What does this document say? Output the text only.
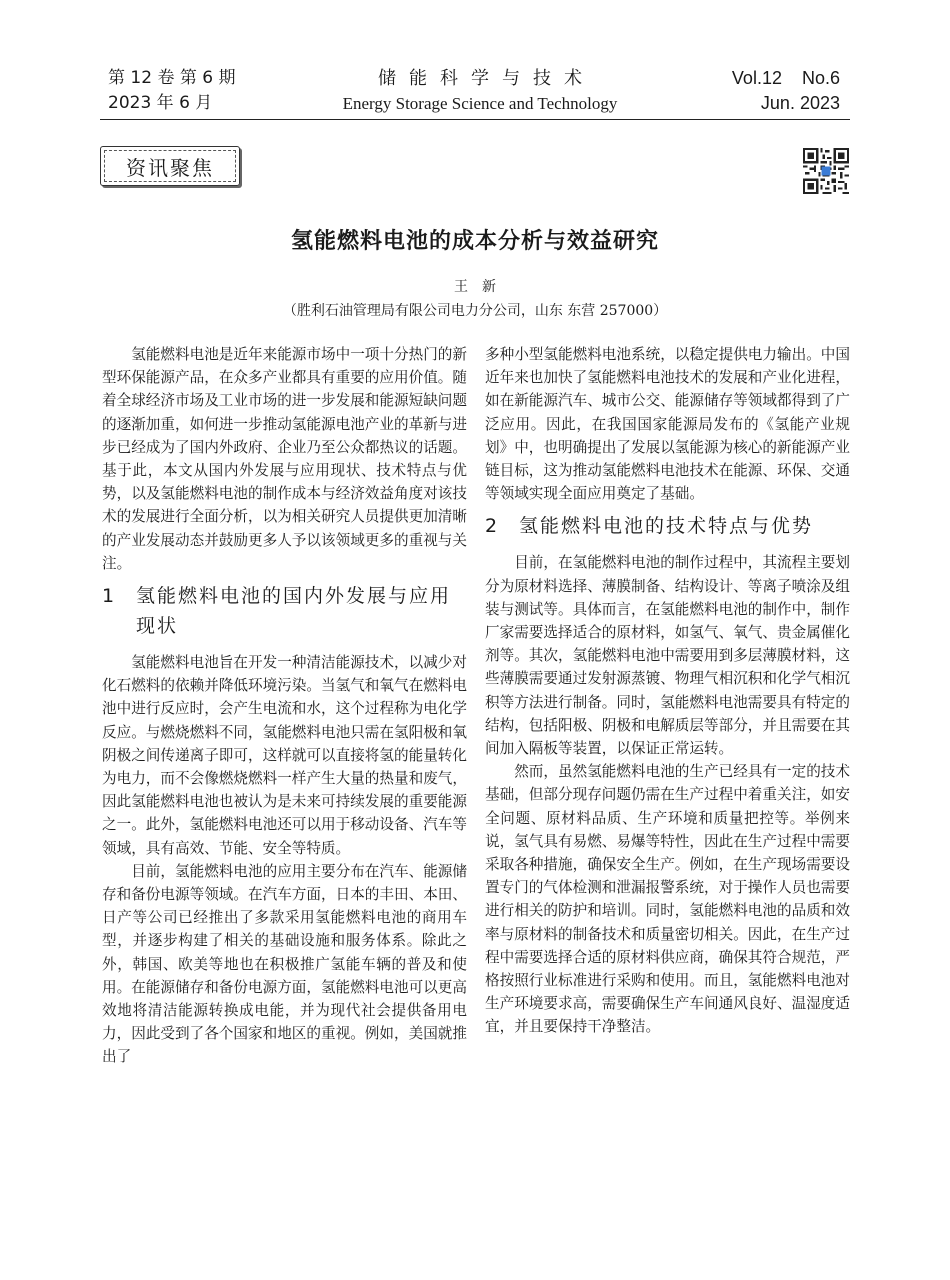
第 12 卷 第 6 期
2023 年 6 月
储能科学与技术
Energy Storage Science and Technology
Vol.12    No.6
Jun. 2023
资讯聚焦
氢能燃料电池的成本分析与效益研究
王新
（胜利石油管理局有限公司电力分公司，山东 东营 257000）

氢能燃料电池是近年来能源市场中一项十分热门的新型环保能源产品，在众多产业都具有重要的应用价值。随着全球经济市场及工业市场的进一步发展和能源短缺问题的逐渐加重，如何进一步推动氢能源电池产业的革新与进步已经成为了国内外政府、企业乃至公众都热议的话题。基于此，本文从国内外发展与应用现状、技术特点与优势，以及氢能燃料电池的制作成本与经济效益角度对该技术的发展进行全面分析，以为相关研究人员提供更加清晰的产业发展动态并鼓励更多人予以该领域更多的重视与关注。

1	氢能燃料电池的国内外发展与应用现状

氢能燃料电池旨在开发一种清洁能源技术，以减少对化石燃料的依赖并降低环境污染。当氢气和氧气在燃料电池中进行反应时，会产生电流和水，这个过程称为电化学反应。与燃烧燃料不同，氢能燃料电池只需在氢阳极和氧阴极之间传递离子即可，这样就可以直接将氢的能量转化为电力，而不会像燃烧燃料一样产生大量的热量和废气，因此氢能燃料电池也被认为是未来可持续发展的重要能源之一。此外，氢能燃料电池还可以用于移动设备、汽车等领域，具有高效、节能、安全等特质。

目前，氢能燃料电池的应用主要分布在汽车、能源储存和备份电源等领域。在汽车方面，日本的丰田、本田、日产等公司已经推出了多款采用氢能燃料电池的商用车型，并逐步构建了相关的基础设施和服务体系。除此之外，韩国、欧美等地也在积极推广氢能车辆的普及和使用。在能源储存和备份电源方面，氢能燃料电池可以更高效地将清洁能源转换成电能，并为现代社会提供备用电力，因此受到了各个国家和地区的重视。例如，美国就推出了

多种小型氢能燃料电池系统，以稳定提供电力输出。中国近年来也加快了氢能燃料电池技术的发展和产业化进程，如在新能源汽车、城市公交、能源储存等领域都得到了广泛应用。因此，在我国国家能源局发布的《氢能产业规划》中，也明确提出了发展以氢能源为核心的新能源产业链目标，这为推动氢能燃料电池技术在能源、环保、交通等领域实现全面应用奠定了基础。

2	氢能燃料电池的技术特点与优势

目前，在氢能燃料电池的制作过程中，其流程主要划分为原材料选择、薄膜制备、结构设计、等离子喷涂及组装与测试等。具体而言，在氢能燃料电池的制作中，制作厂家需要选择适合的原材料，如氢气、氧气、贵金属催化剂等。其次，氢能燃料电池中需要用到多层薄膜材料，这些薄膜需要通过发射源蒸镀、物理气相沉积和化学气相沉积等方法进行制备。同时，氢能燃料电池需要具有特定的结构，包括阳极、阴极和电解质层等部分，并且需要在其间加入隔板等装置，以保证正常运转。

然而，虽然氢能燃料电池的生产已经具有一定的技术基础，但部分现存问题仍需在生产过程中着重关注，如安全问题、原材料品质、生产环境和质量把控等。举例来说，氢气具有易燃、易爆等特性，因此在生产过程中需要采取各种措施，确保安全生产。例如，在生产现场需要设置专门的气体检测和泄漏报警系统，对于操作人员也需要进行相关的防护和培训。同时，氢能燃料电池的品质和效率与原材料的制备技术和质量密切相关。因此，在生产过程中需要选择合适的原材料供应商，确保其符合规范，严格按照行业标准进行采购和使用。而且，氢能燃料电池对生产环境要求高，需要确保生产车间通风良好、温湿度适宜，并且要保持干净整洁。
